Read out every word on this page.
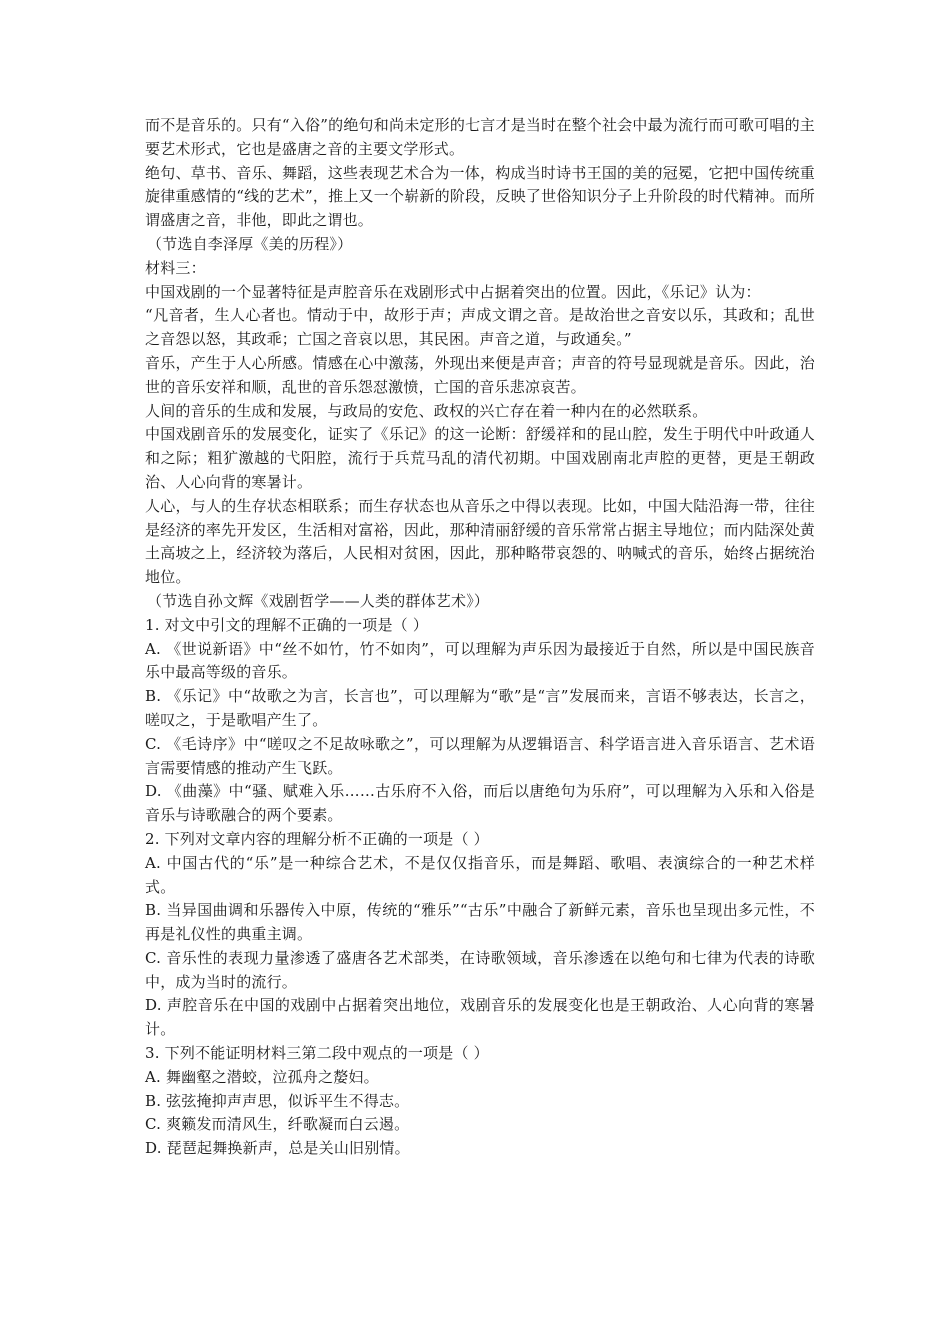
而不是音乐的。只有“入俗”的绝句和尚未定形的七言才是当时在整个社会中最为流行而可歌可唱的主要艺术形式，它也是盛唐之音的主要文学形式。

绝句、草书、音乐、舞蹈，这些表现艺术合为一体，构成当时诗书王国的美的冠冕，它把中国传统重旋律重感情的“线的艺术”，推上又一个崭新的阶段，反映了世俗知识分子上升阶段的时代精神。而所谓盛唐之音，非他，即此之谓也。

（节选自李泽厚《美的历程》）

材料三：

中国戏剧的一个显著特征是声腔音乐在戏剧形式中占据着突出的位置。因此，《乐记》认为：

“凡音者，生人心者也。情动于中，故形于声；声成文谓之音。是故治世之音安以乐，其政和；乱世之音怨以怒，其政乖；亡国之音哀以思，其民困。声音之道，与政通矣。”

音乐，产生于人心所感。情感在心中激荡，外现出来便是声音；声音的符号显现就是音乐。因此，治世的音乐安祥和顺，乱世的音乐怨怼激愤，亡国的音乐悲凉哀苦。

人间的音乐的生成和发展，与政局的安危、政权的兴亡存在着一种内在的必然联系。

中国戏剧音乐的发展变化，证实了《乐记》的这一论断：舒缓祥和的昆山腔，发生于明代中叶政通人和之际；粗犷激越的弋阳腔，流行于兵荒马乱的清代初期。中国戏剧南北声腔的更替，更是王朝政治、人心向背的寒暑计。

人心，与人的生存状态相联系；而生存状态也从音乐之中得以表现。比如，中国大陆沿海一带，往往是经济的率先开发区，生活相对富裕，因此，那种清丽舒缓的音乐常常占据主导地位；而内陆深处黄土高坡之上，经济较为落后，人民相对贫困，因此，那种略带哀怨的、呐喊式的音乐，始终占据统治地位。

（节选自孙文辉《戏剧哲学——人类的群体艺术》）

1. 对文中引文的理解不正确的一项是（ ）

A. 《世说新语》中“丝不如竹，竹不如肉”，可以理解为声乐因为最接近于自然，所以是中国民族音乐中最高等级的音乐。

B. 《乐记》中“故歌之为言，长言也”，可以理解为“歌”是“言”发展而来，言语不够表达，长言之，嗟叹之，于是歌唱产生了。

C. 《毛诗序》中“嗟叹之不足故咏歌之”，可以理解为从逻辑语言、科学语言进入音乐语言、艺术语言需要情感的推动产生飞跃。

D. 《曲藻》中“骚、赋难入乐……古乐府不入俗，而后以唐绝句为乐府”，可以理解为入乐和入俗是音乐与诗歌融合的两个要素。

2. 下列对文章内容的理解分析不正确的一项是（ ）

A. 中国古代的“乐”是一种综合艺术，不是仅仅指音乐，而是舞蹈、歌唱、表演综合的一种艺术样式。

B. 当异国曲调和乐器传入中原，传统的“雅乐”“古乐”中融合了新鲜元素，音乐也呈现出多元性，不再是礼仪性的典重主调。

C. 音乐性的表现力量渗透了盛唐各艺术部类，在诗歌领域，音乐渗透在以绝句和七律为代表的诗歌中，成为当时的流行。

D. 声腔音乐在中国的戏剧中占据着突出地位，戏剧音乐的发展变化也是王朝政治、人心向背的寒暑计。

3. 下列不能证明材料三第二段中观点的一项是（ ）

A. 舞幽壑之潜蛟，泣孤舟之嫠妇。

B. 弦弦掩抑声声思，似诉平生不得志。

C. 爽籁发而清风生，纤歌凝而白云遏。

D. 琵琶起舞换新声，总是关山旧别情。
